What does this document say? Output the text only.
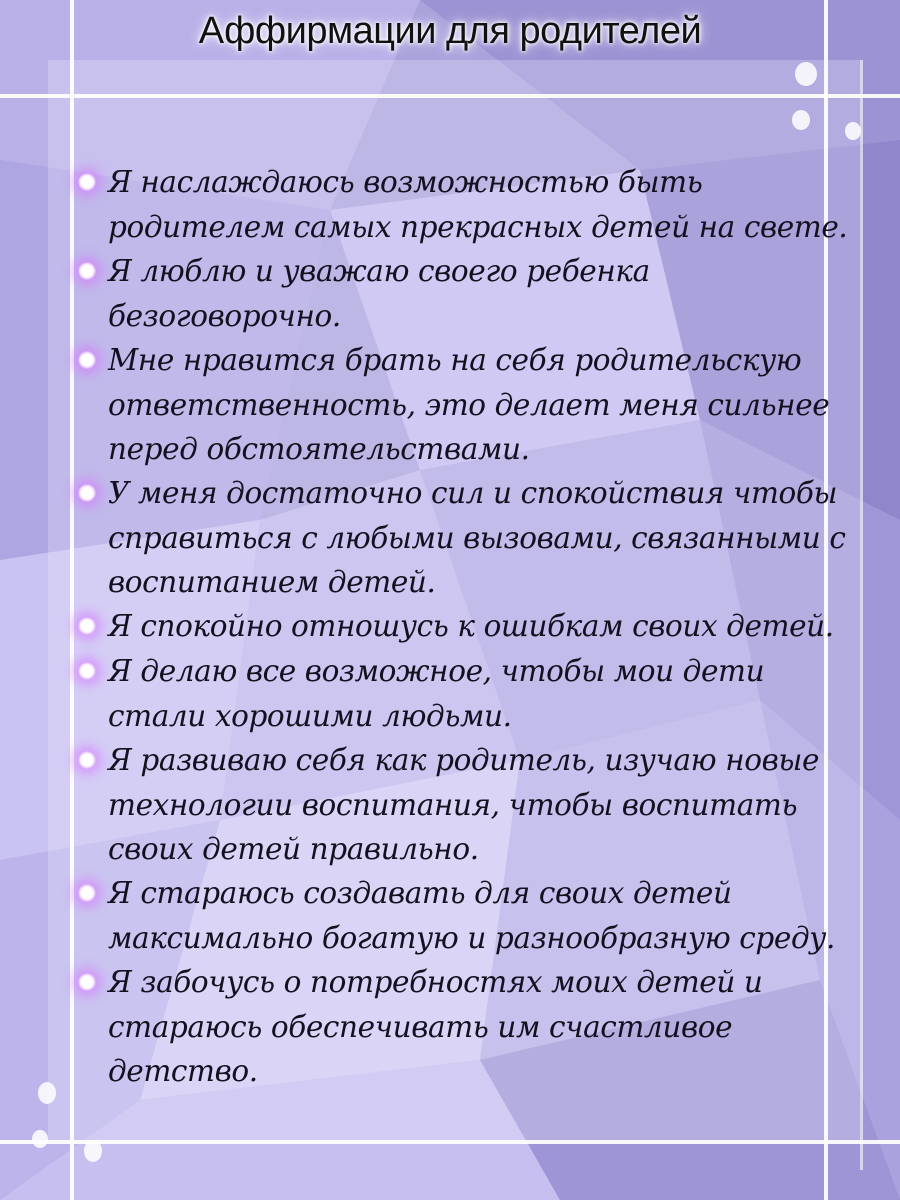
Аффирмации для родителей
Я наслаждаюсь возможностью быть родителем самых прекрасных детей на свете.
Я люблю и уважаю своего ребенка безоговорочно.
Мне нравится брать на себя родительскую ответственность, это делает меня сильнее перед обстоятельствами.
У меня достаточно сил и спокойствия чтобы справиться с любыми вызовами, связанными с воспитанием детей.
Я спокойно отношусь к ошибкам своих детей.
Я делаю все возможное, чтобы мои дети стали хорошими людьми.
Я развиваю себя как родитель, изучаю новые технологии воспитания, чтобы воспитать своих детей правильно.
Я стараюсь создавать для своих детей максимально богатую и разнообразную среду.
Я забочусь о потребностях моих детей и стараюсь обеспечивать им счастливое детство.
